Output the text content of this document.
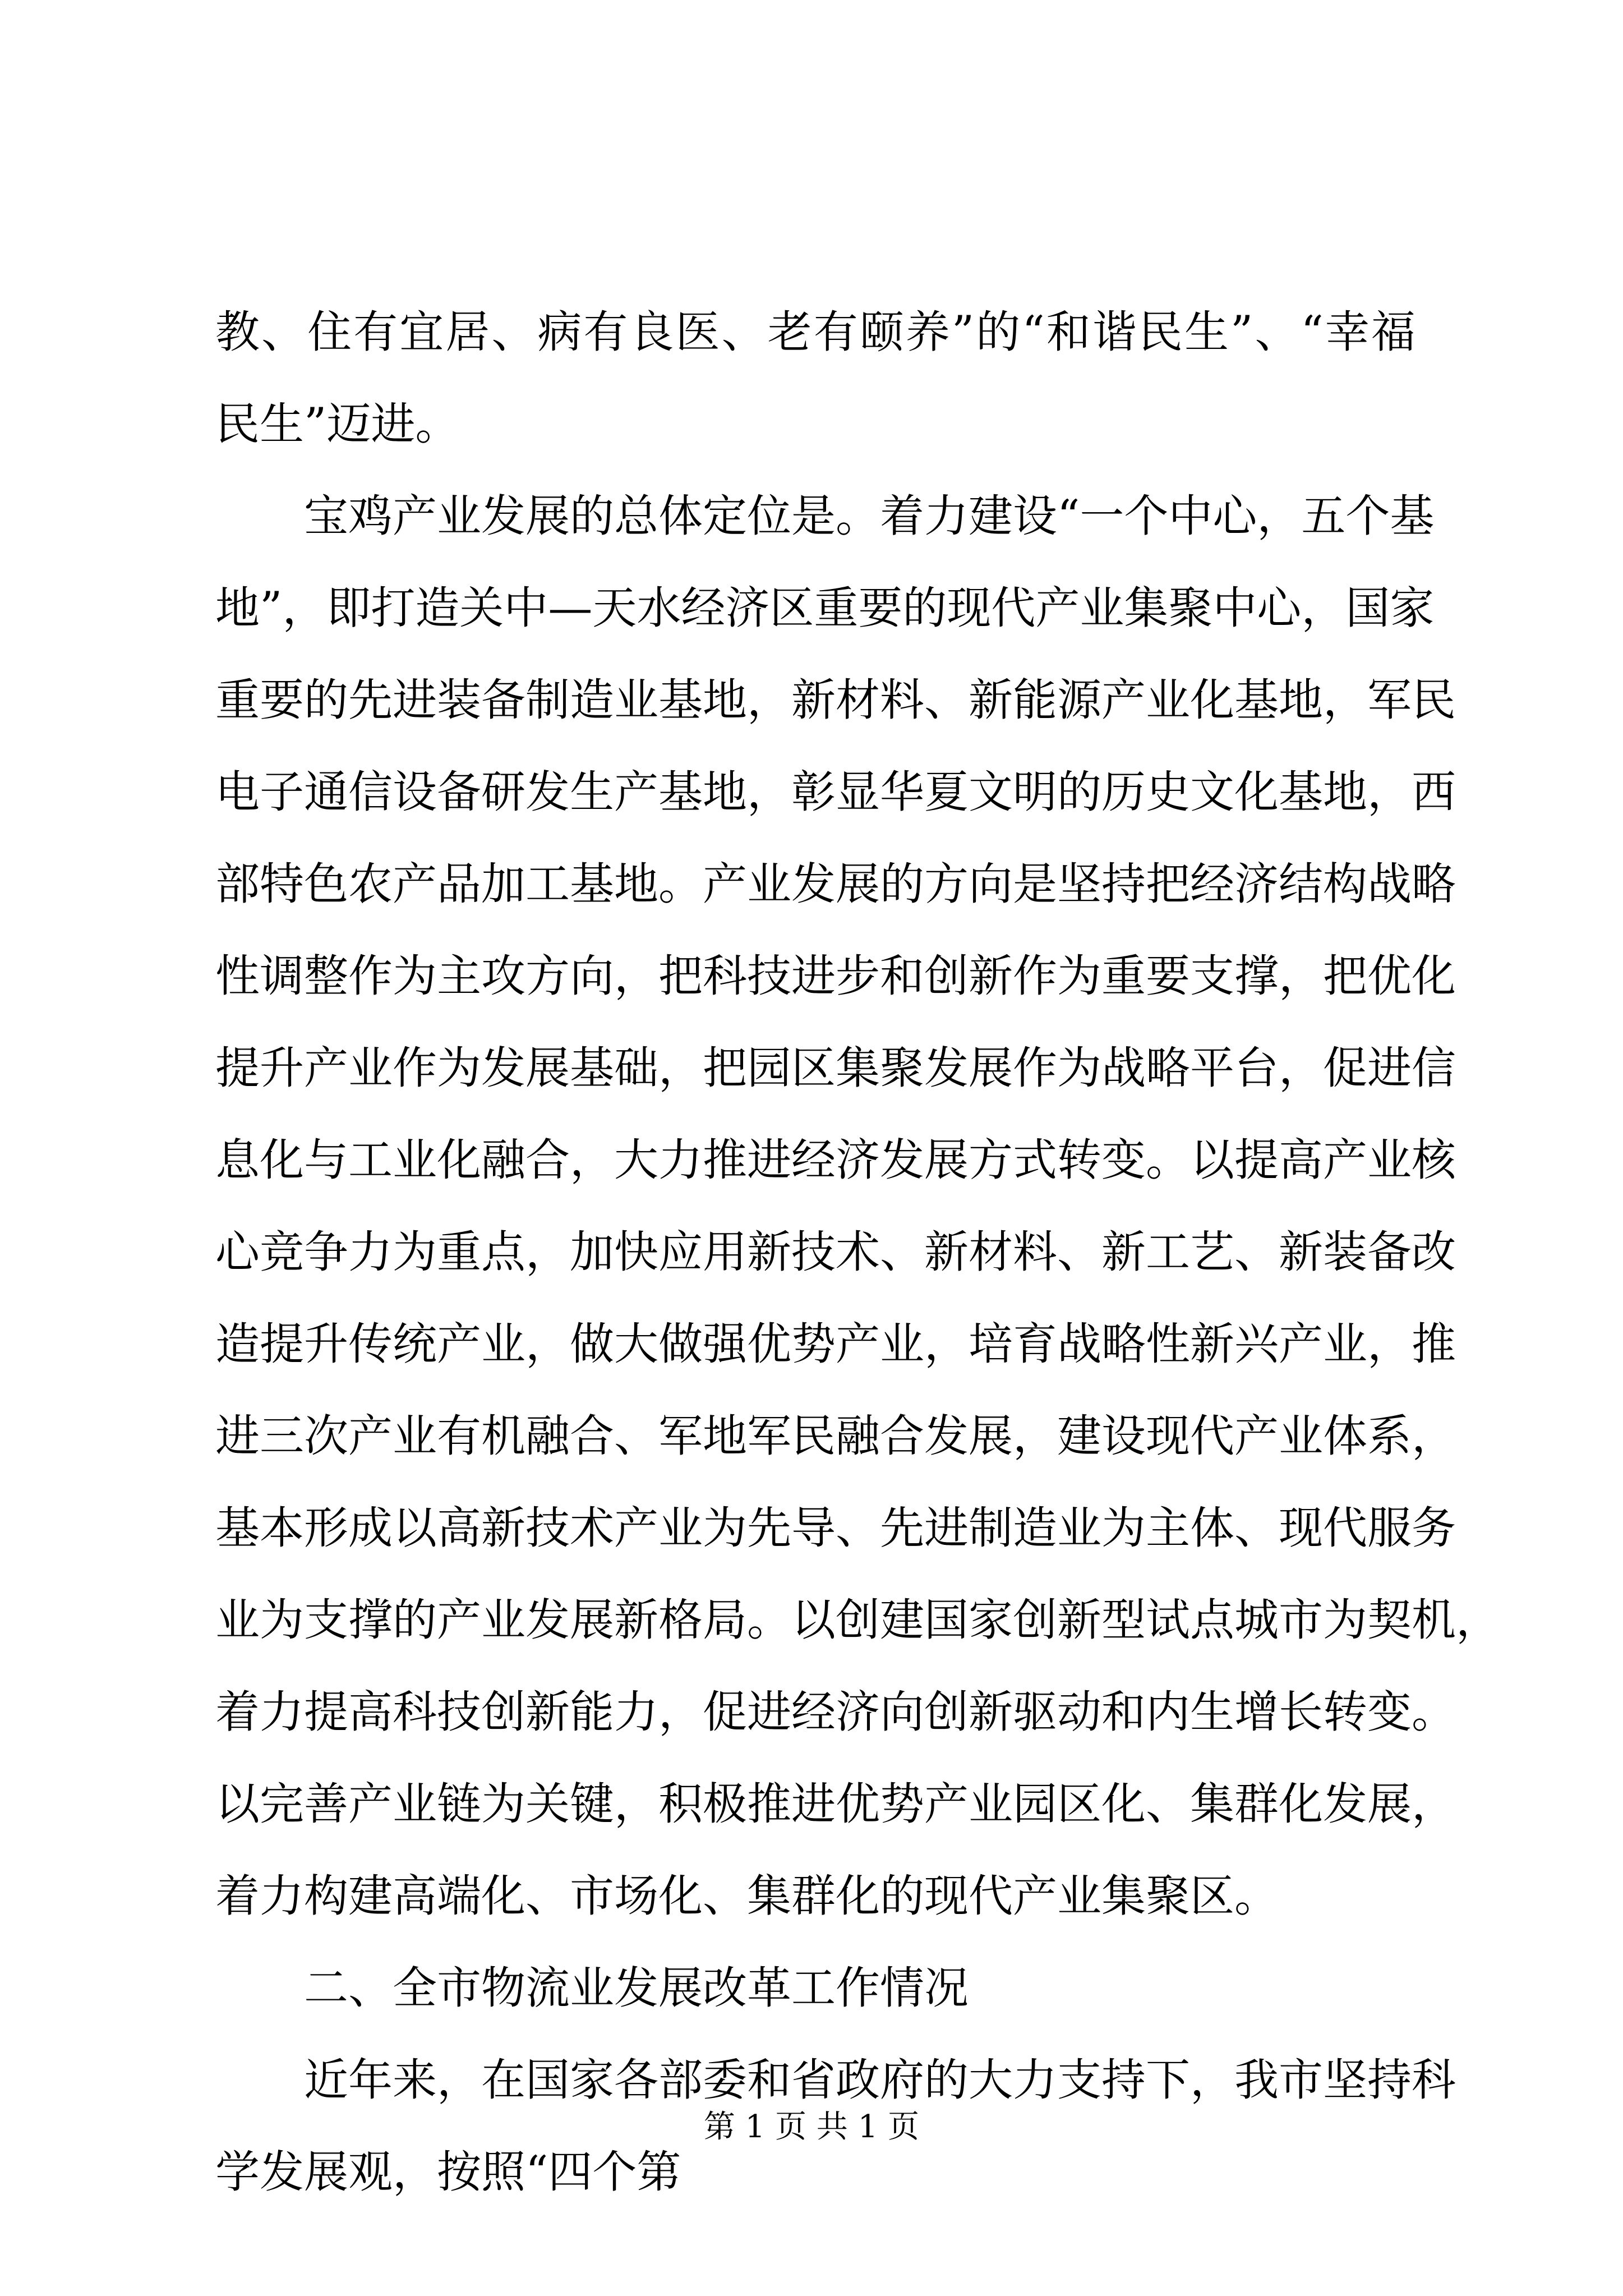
教、住有宜居、病有良医、老有颐养”的“和谐民生”、“幸福
民生”迈进。
宝鸡产业发展的总体定位是。着力建设“一个中心，五个基
地”，即打造关中—天水经济区重要的现代产业集聚中心，国家
重要的先进装备制造业基地，新材料、新能源产业化基地，军民
电子通信设备研发生产基地，彰显华夏文明的历史文化基地，西
部特色农产品加工基地。产业发展的方向是坚持把经济结构战略
性调整作为主攻方向，把科技进步和创新作为重要支撑，把优化
提升产业作为发展基础，把园区集聚发展作为战略平台，促进信
息化与工业化融合，大力推进经济发展方式转变。以提高产业核
心竞争力为重点，加快应用新技术、新材料、新工艺、新装备改
造提升传统产业，做大做强优势产业，培育战略性新兴产业，推
进三次产业有机融合、军地军民融合发展，建设现代产业体系，
基本形成以高新技术产业为先导、先进制造业为主体、现代服务
业为支撑的产业发展新格局。以创建国家创新型试点城市为契机，
着力提高科技创新能力，促进经济向创新驱动和内生增长转变。
以完善产业链为关键，积极推进优势产业园区化、集群化发展，
着力构建高端化、市场化、集群化的现代产业集聚区。
二、全市物流业发展改革工作情况
近年来，在国家各部委和省政府的大力支持下，我市坚持科
学发展观，按照“四个第
第 1 页 共 1 页
